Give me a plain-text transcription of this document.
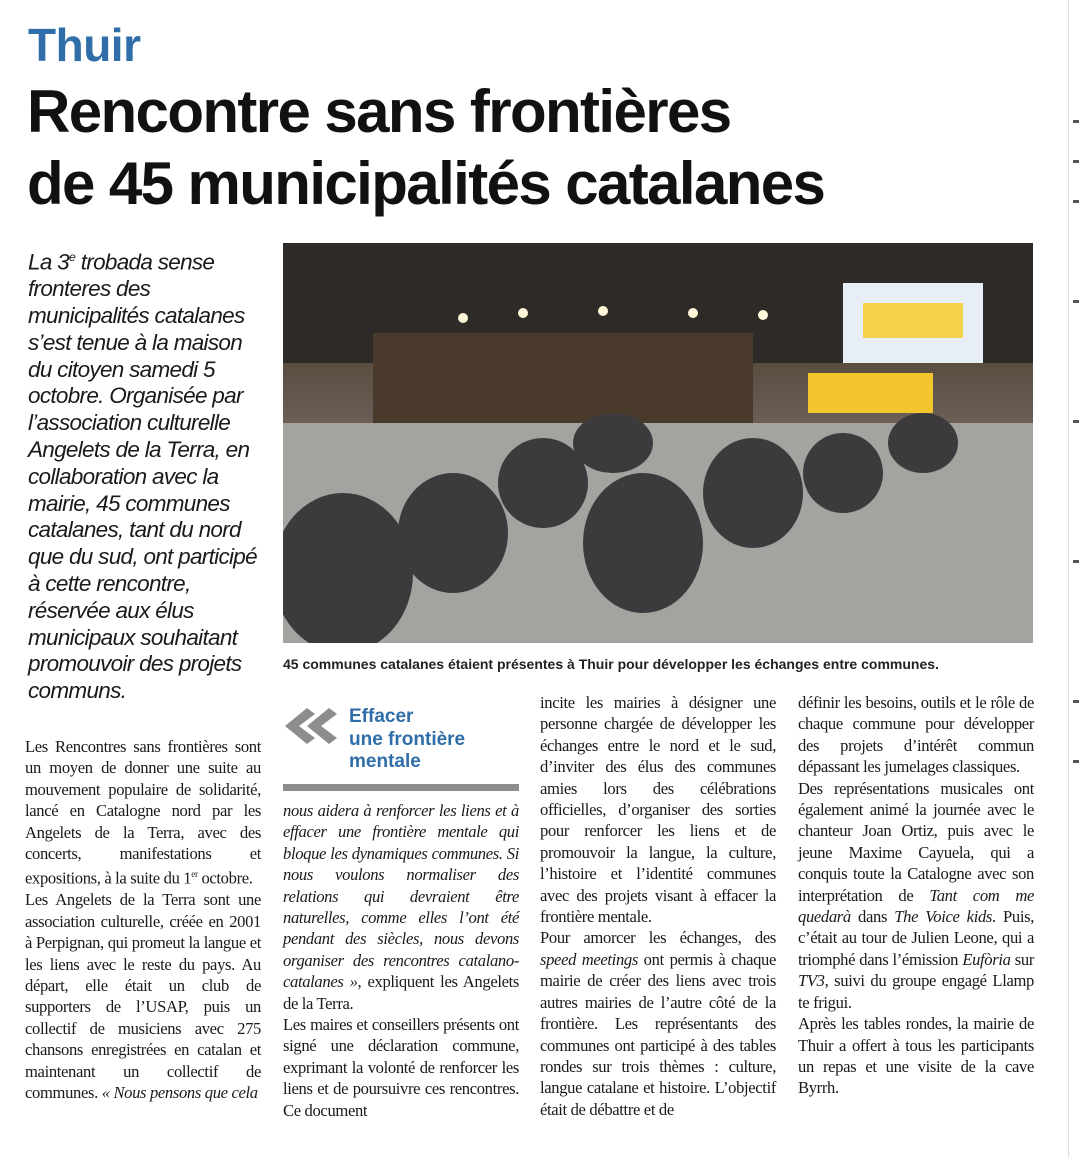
Thuir
Rencontre sans frontières
de 45 municipalités catalanes
La 3e trobada sense fronteres des municipalités catalanes s’est tenue à la maison du citoyen samedi 5 octobre. Organisée par l’association culturelle Angelets de la Terra, en collaboration avec la mairie, 45 communes catalanes, tant du nord que du sud, ont participé à cette rencontre, réservée aux élus municipaux souhaitant promouvoir des projets communs.
45 communes catalanes étaient présentes à Thuir pour développer les échanges entre communes.

Les Rencontres sans frontières sont un moyen de donner une suite au mouvement populaire de solidarité, lancé en Catalogne nord par les Angelets de la Terra, avec des concerts, manifestations et expositions, à la suite du 1er octobre.

Les Angelets de la Terra sont une association culturelle, créée en 2001 à Perpignan, qui promeut la langue et les liens avec le reste du pays. Au départ, elle était un club de supporters de l’USAP, puis un collectif de musiciens avec 275 chansons enregistrées en catalan et maintenant un collectif de communes. « Nous pensons que cela

Effacer
une frontière
mentale

nous aidera à renforcer les liens et à effacer une frontière mentale qui bloque les dynamiques communes. Si nous voulons normaliser des relations qui devraient être naturelles, comme elles l’ont été pendant des siècles, nous devons organiser des rencontres catalano-catalanes », expliquent les Angelets de la Terra.

Les maires et conseillers présents ont signé une déclaration commune, exprimant la volonté de renforcer les liens et de poursuivre ces rencontres. Ce document

incite les mairies à désigner une personne chargée de développer les échanges entre le nord et le sud, d’inviter des élus des communes amies lors des célébrations officielles, d’organiser des sorties pour renforcer les liens et de promouvoir la langue, la culture, l’histoire et l’identité communes avec des projets visant à effacer la frontière mentale.

Pour amorcer les échanges, des speed meetings ont permis à chaque mairie de créer des liens avec trois autres mairies de l’autre côté de la frontière. Les représentants des communes ont participé à des tables rondes sur trois thèmes : culture, langue catalane et histoire. L’objectif était de débattre et de

définir les besoins, outils et le rôle de chaque commune pour développer des projets d’intérêt commun dépassant les jumelages classiques.

Des représentations musicales ont également animé la journée avec le chanteur Joan Ortiz, puis avec le jeune Maxime Cayuela, qui a conquis toute la Catalogne avec son interprétation de Tant com me quedarà dans The Voice kids. Puis, c’était au tour de Julien Leone, qui a triomphé dans l’émission Eufòria sur TV3, suivi du groupe engagé Llamp te frigui.

Après les tables rondes, la mairie de Thuir a offert à tous les participants un repas et une visite de la cave Byrrh.
